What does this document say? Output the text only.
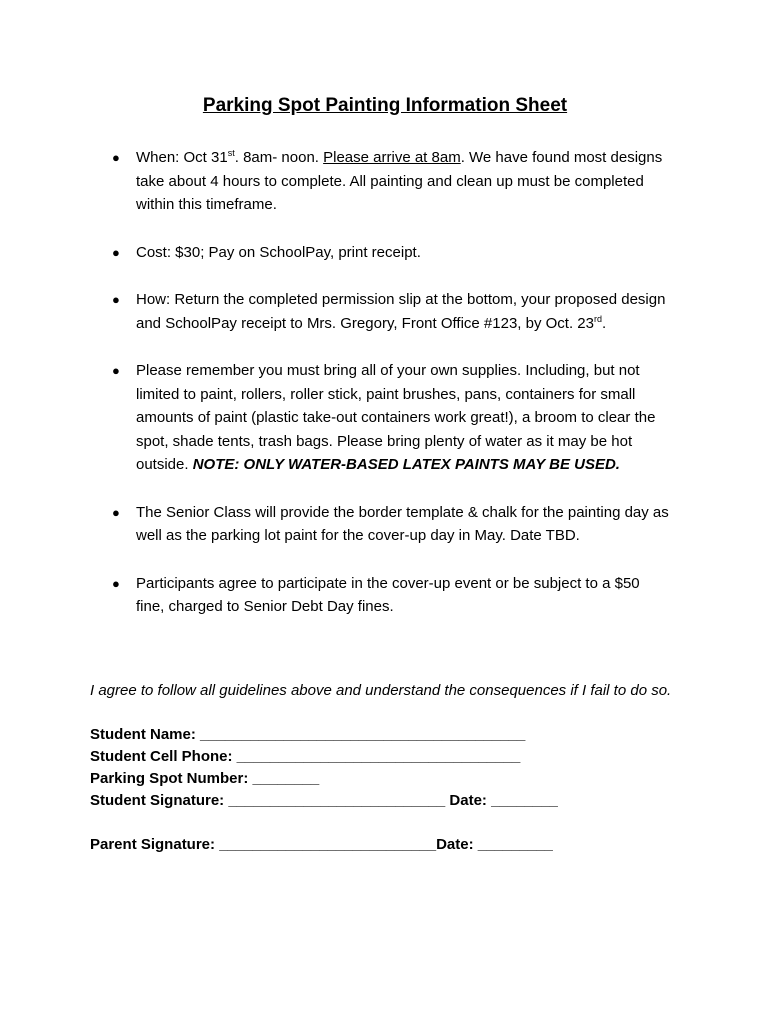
Parking Spot Painting Information Sheet
● When: Oct 31st. 8am- noon. Please arrive at 8am. We have found most designs take about 4 hours to complete. All painting and clean up must be completed within this timeframe.
● Cost: $30; Pay on SchoolPay, print receipt.
● How: Return the completed permission slip at the bottom, your proposed design and SchoolPay receipt to Mrs. Gregory, Front Office #123, by Oct. 23rd.
● Please remember you must bring all of your own supplies. Including, but not limited to paint, rollers, roller stick, paint brushes, pans, containers for small amounts of paint (plastic take-out containers work great!), a broom to clear the spot, shade tents, trash bags. Please bring plenty of water as it may be hot outside. NOTE: ONLY WATER-BASED LATEX PAINTS MAY BE USED.
● The Senior Class will provide the border template & chalk for the painting day as well as the parking lot paint for the cover-up day in May. Date TBD.
● Participants agree to participate in the cover-up event or be subject to a $50 fine, charged to Senior Debt Day fines.
I agree to follow all guidelines above and understand the consequences if I fail to do so.
Student Name: _______________________________________
Student Cell Phone: __________________________________
Parking Spot Number: ________
Student Signature: __________________________ Date: ________
Parent Signature: __________________________Date: _________
